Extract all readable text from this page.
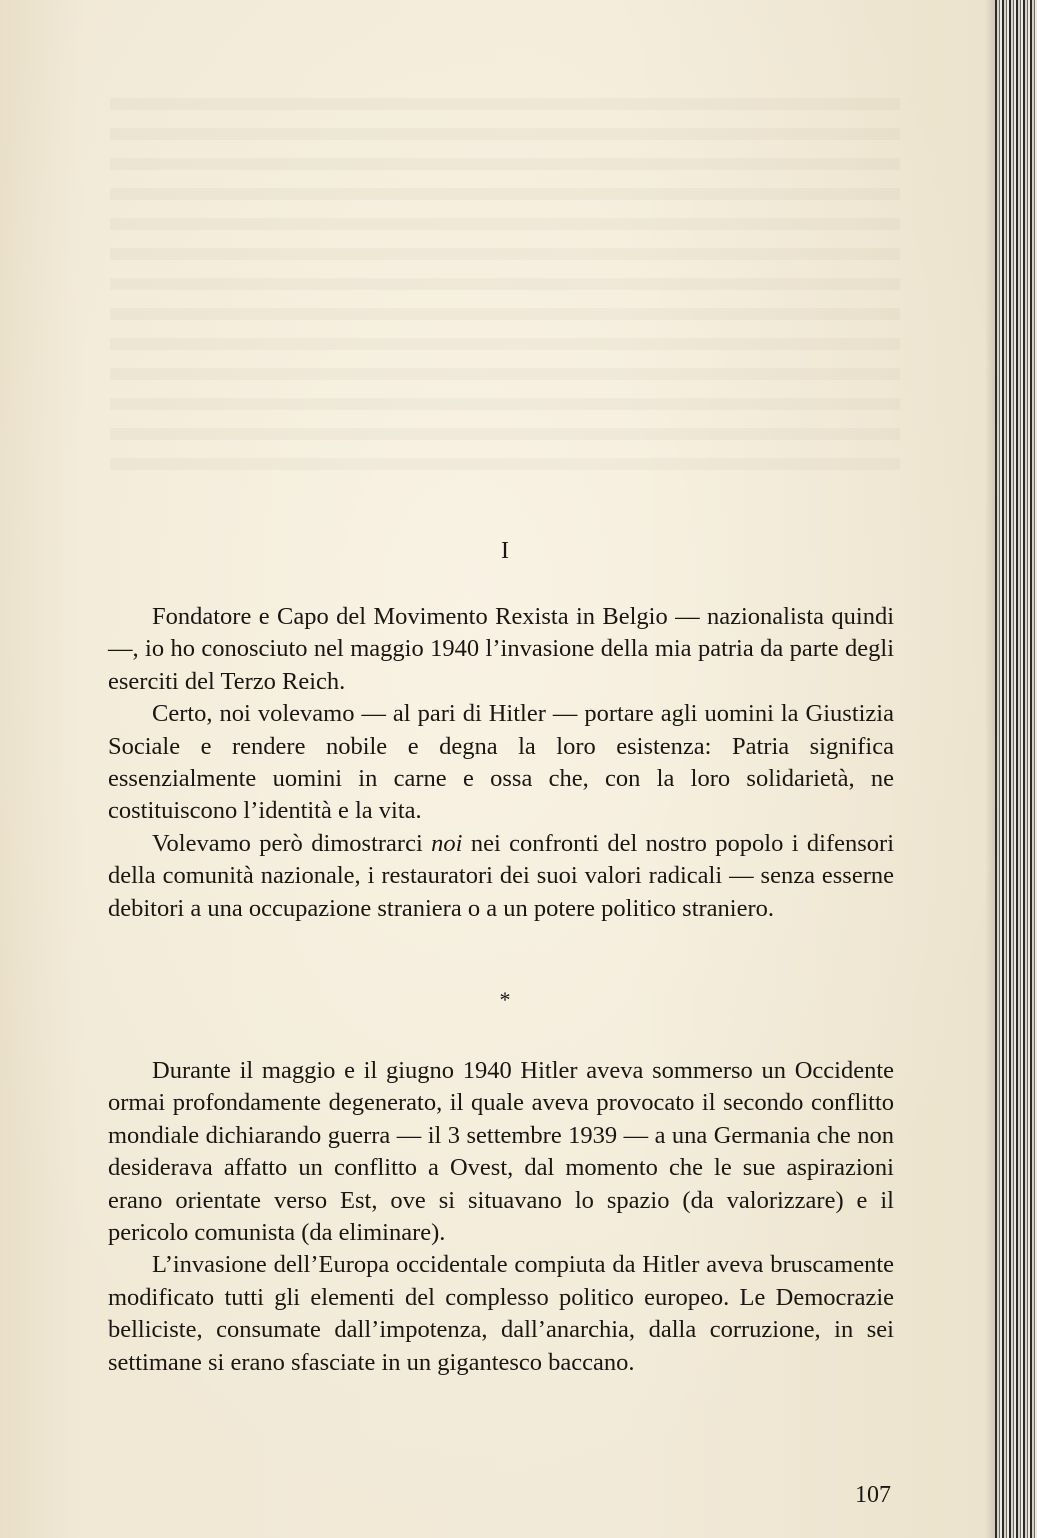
I

Fondatore e Capo del Movimento Rexista in Belgio — nazionalista quindi —, io ho conosciuto nel maggio 1940 l’invasione della mia patria da parte degli eserciti del Terzo Reich.

Certo, noi volevamo — al pari di Hitler — portare agli uomini la Giustizia Sociale e rendere nobile e degna la loro esistenza: Patria significa essenzialmente uomini in carne e ossa che, con la loro solidarietà, ne costituiscono l’identità e la vita.

Volevamo però dimostrarci noi nei confronti del nostro popolo i difensori della comunità nazionale, i restauratori dei suoi valori radicali — senza esserne debitori a una occupazione straniera o a un potere politico straniero.

*

Durante il maggio e il giugno 1940 Hitler aveva sommerso un Occidente ormai profondamente degenerato, il quale aveva provocato il secondo conflitto mondiale dichiarando guerra — il 3 settembre 1939 — a una Germania che non desiderava affatto un conflitto a Ovest, dal momento che le sue aspirazioni erano orientate verso Est, ove si situavano lo spazio (da valorizzare) e il pericolo comunista (da eliminare).

L’invasione dell’Europa occidentale compiuta da Hitler aveva bruscamente modificato tutti gli elementi del complesso politico europeo. Le Democrazie belliciste, consumate dall’impotenza, dall’anarchia, dalla corruzione, in sei settimane si erano sfasciate in un gigantesco baccano.

107
